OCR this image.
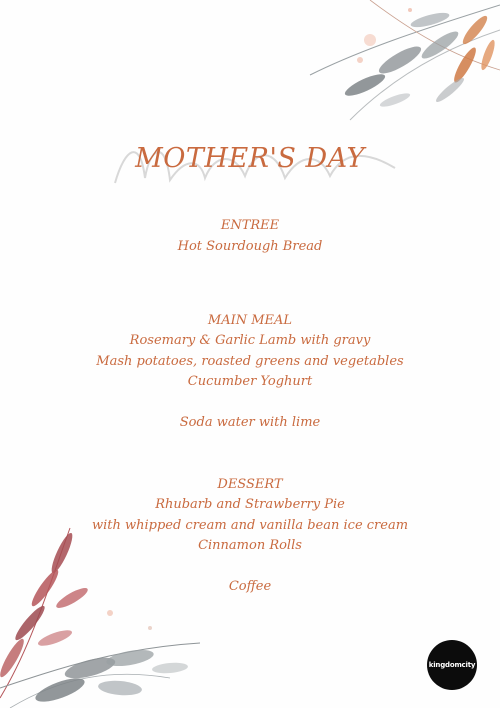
MOTHER'S DAY
ENTREE
Hot Sourdough Bread
MAIN MEAL
Rosemary & Garlic Lamb with gravy
Mash potatoes, roasted greens and vegetables
Cucumber Yoghurt
Soda water with lime
DESSERT
Rhubarb and Strawberry Pie
with whipped cream and vanilla bean ice cream
Cinnamon Rolls
Coffee
kingdomcity
